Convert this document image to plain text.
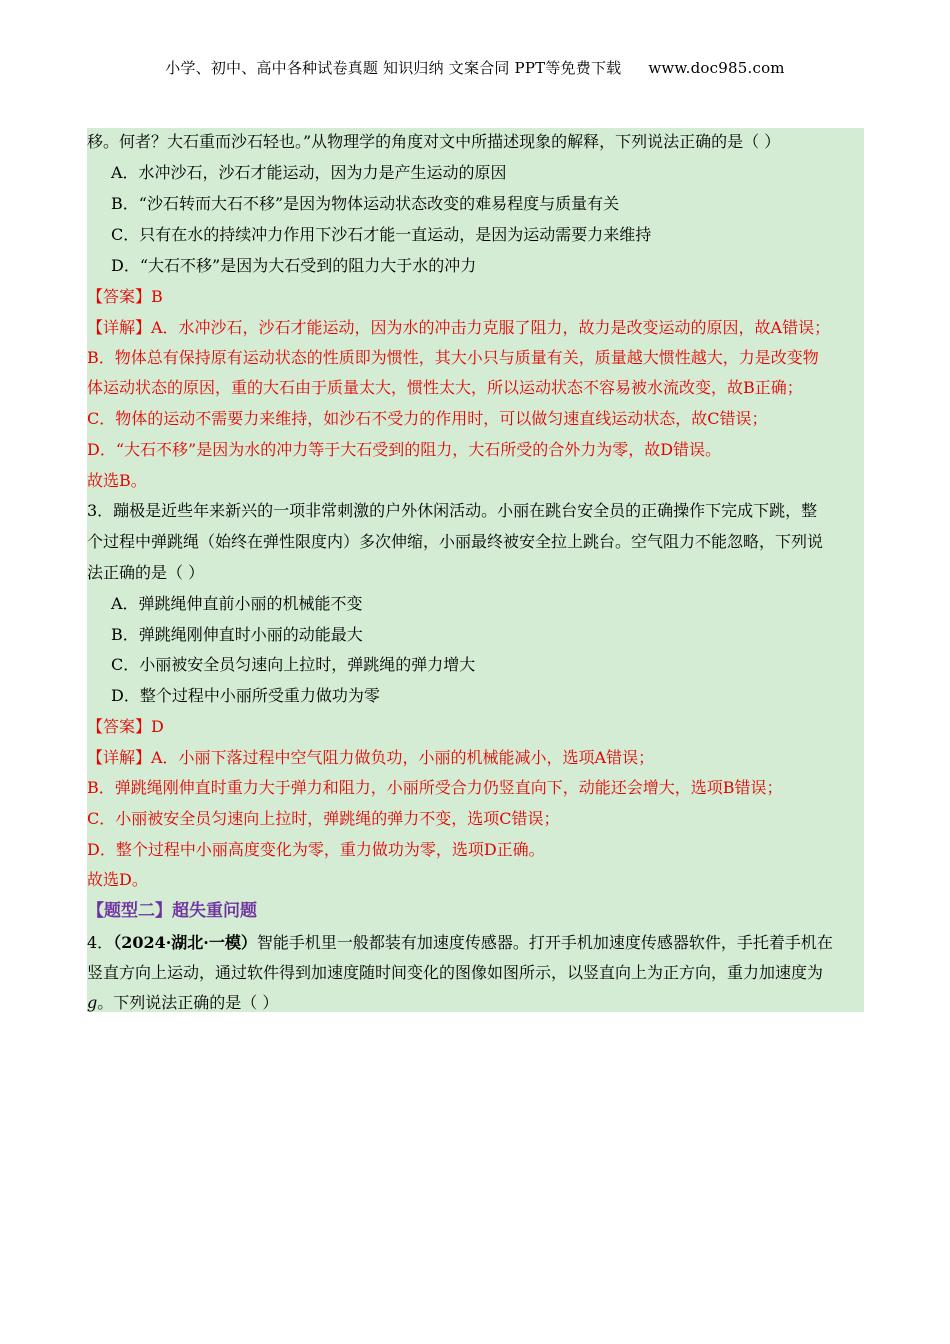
小学、初中、高中各种试卷真题 知识归纳 文案合同 PPT等免费下载 www.doc985.com
移。何者？大石重而沙石轻也。”从物理学的角度对文中所描述现象的解释，下列说法正确的是（ ）
A．水冲沙石，沙石才能运动，因为力是产生运动的原因
B．“沙石转而大石不移”是因为物体运动状态改变的难易程度与质量有关
C．只有在水的持续冲力作用下沙石才能一直运动，是因为运动需要力来维持
D．“大石不移”是因为大石受到的阻力大于水的冲力
【答案】B
【详解】A．水冲沙石，沙石才能运动，因为水的冲击力克服了阻力，故力是改变运动的原因，故A错误；
B．物体总有保持原有运动状态的性质即为惯性，其大小只与质量有关，质量越大惯性越大，力是改变物
体运动状态的原因，重的大石由于质量太大，惯性太大，所以运动状态不容易被水流改变，故B正确；
C．物体的运动不需要力来维持，如沙石不受力的作用时，可以做匀速直线运动状态，故C错误；
D．“大石不移”是因为水的冲力等于大石受到的阻力，大石所受的合外力为零，故D错误。
故选B。
3．蹦极是近些年来新兴的一项非常刺激的户外休闲活动。小丽在跳台安全员的正确操作下完成下跳，整
个过程中弹跳绳（始终在弹性限度内）多次伸缩，小丽最终被安全拉上跳台。空气阻力不能忽略，下列说
法正确的是（ ）
A．弹跳绳伸直前小丽的机械能不变
B．弹跳绳刚伸直时小丽的动能最大
C．小丽被安全员匀速向上拉时，弹跳绳的弹力增大
D．整个过程中小丽所受重力做功为零
【答案】D
【详解】A．小丽下落过程中空气阻力做负功，小丽的机械能减小，选项A错误；
B．弹跳绳刚伸直时重力大于弹力和阻力，小丽所受合力仍竖直向下，动能还会增大，选项B错误；
C．小丽被安全员匀速向上拉时，弹跳绳的弹力不变，选项C错误；
D．整个过程中小丽高度变化为零，重力做功为零，选项D正确。
故选D。
【题型二】超失重问题
4．（2024·湖北·一模）智能手机里一般都装有加速度传感器。打开手机加速度传感器软件，手托着手机在
竖直方向上运动，通过软件得到加速度随时间变化的图像如图所示，以竖直向上为正方向，重力加速度为
g。下列说法正确的是（ ）
